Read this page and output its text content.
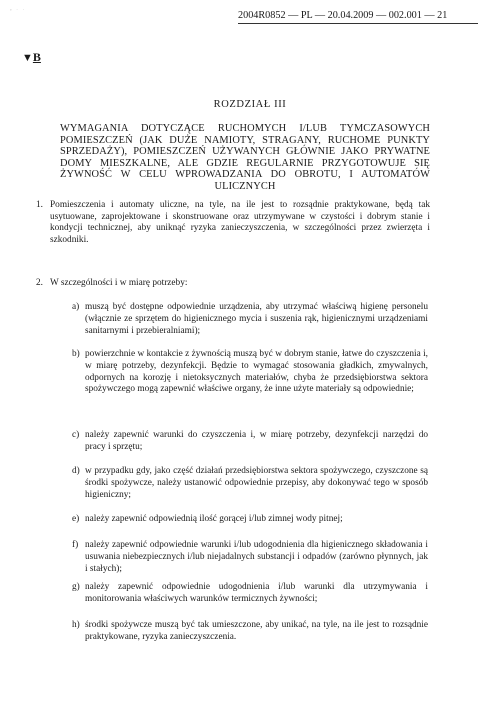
▫ · ·
2004R0852 — PL — 20.04.2009 — 002.001 — 21
▼B
ROZDZIAŁ III
WYMAGANIA DOTYCZĄCE RUCHOMYCH I/LUB TYMCZASOWYCH POMIESZCZEŃ (JAK DUŻE NAMIOTY, STRAGANY, RUCHOME PUNKTY SPRZEDAŻY), POMIESZCZEŃ UŻYWANYCH GŁÓWNIE JAKO PRYWATNE DOMY MIESZKALNE, ALE GDZIE REGULARNIE PRZYGOTOWUJE SIĘ ŻYWNOŚĆ W CELU WPROWADZANIA DO OBROTU, I AUTOMATÓW ULICZNYCH
1. Pomieszczenia i automaty uliczne, na tyle, na ile jest to rozsądnie praktykowane, będą tak usytuowane, zaprojektowane i skonstruowane oraz utrzymywane w czystości i dobrym stanie i kondycji technicznej, aby uniknąć ryzyka zanieczyszczenia, w szczególności przez zwierzęta i szkodniki.
2. W szczególności i w miarę potrzeby:
a) muszą być dostępne odpowiednie urządzenia, aby utrzymać właściwą higienę personelu (włącznie ze sprzętem do higienicznego mycia i suszenia rąk, higienicznymi urządzeniami sanitarnymi i przebieralniami);
b) powierzchnie w kontakcie z żywnością muszą być w dobrym stanie, łatwe do czyszczenia i, w miarę potrzeby, dezynfekcji. Będzie to wymagać stosowania gładkich, zmywalnych, odpornych na korozję i nietoksycznych materiałów, chyba że przedsiębiorstwa sektora spożywczego mogą zapewnić właściwe organy, że inne użyte materiały są odpowiednie;
c) należy zapewnić warunki do czyszczenia i, w miarę potrzeby, dezynfekcji narzędzi do pracy i sprzętu;
d) w przypadku gdy, jako część działań przedsiębiorstwa sektora spożywczego, czyszczone są środki spożywcze, należy ustanowić odpowiednie przepisy, aby dokonywać tego w sposób higieniczny;
e) należy zapewnić odpowiednią ilość gorącej i/lub zimnej wody pitnej;
f) należy zapewnić odpowiednie warunki i/lub udogodnienia dla higienicznego składowania i usuwania niebezpiecznych i/lub niejadalnych substancji i odpadów (zarówno płynnych, jak i stałych);
g) należy zapewnić odpowiednie udogodnienia i/lub warunki dla utrzymywania i monitorowania właściwych warunków termicznych żywności;
h) środki spożywcze muszą być tak umieszczone, aby unikać, na tyle, na ile jest to rozsądnie praktykowane, ryzyka zanieczyszczenia.
